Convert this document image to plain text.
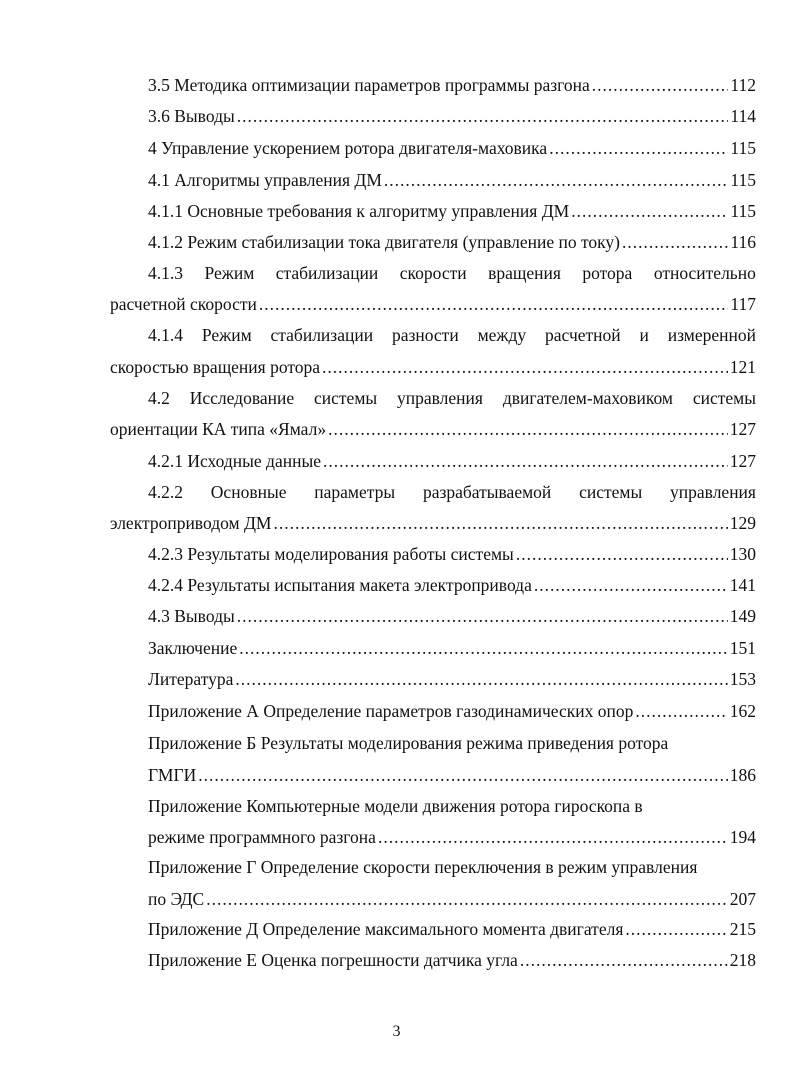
3.5 Методика оптимизации параметров программы разгона .....	112
3.6 Выводы .....	114
4 Управление ускорением ротора двигателя-маховика .....	115
4.1 Алгоритмы управления ДМ .....	115
4.1.1 Основные требования к алгоритму управления ДМ .....	115
4.1.2 Режим стабилизации тока двигателя (управление по току) .....	116
4.1.3 Режим стабилизации скорости вращения ротора относительно
расчетной скорости .....	117
4.1.4 Режим стабилизации разности между расчетной и измеренной
скоростью вращения ротора .....	121
4.2 Исследование системы управления двигателем-маховиком системы
ориентации КА типа «Ямал» .....	127
4.2.1 Исходные данные .....	127
4.2.2 Основные параметры разрабатываемой системы управления
электроприводом ДМ .....	129
4.2.3 Результаты моделирования работы системы .....	130
4.2.4 Результаты испытания макета электропривода .....	141
4.3 Выводы .....	149
Заключение .....	151
Литература .....	153
Приложение А Определение параметров газодинамических опор .....	162
Приложение Б Результаты моделирования режима приведения ротора
ГМГИ .....	186
Приложение Компьютерные модели движения ротора гироскопа в
режиме программного разгона .....	194
Приложение Г Определение скорости переключения в режим управления
по ЭДС .....	207
Приложение Д Определение максимального момента двигателя .....	215
Приложение Е Оценка погрешности датчика угла .....	218
3
